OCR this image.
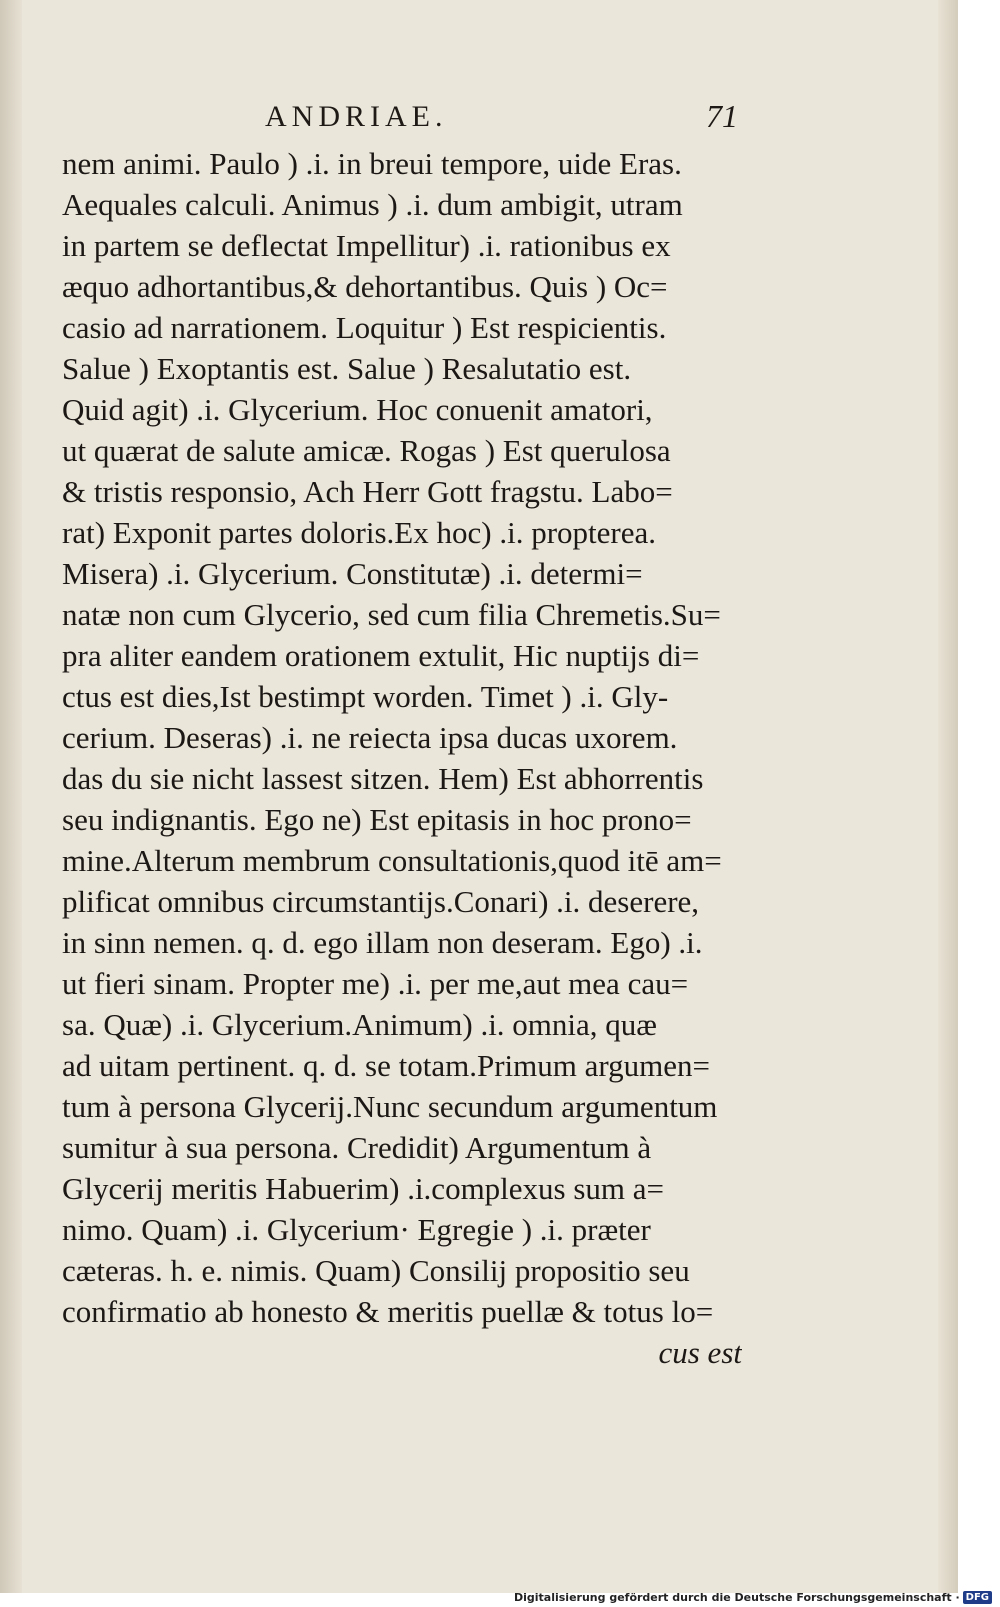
ANDRIAE.	71
nem animi. Paulo ) .i. in breui tempore, uide Eras.
Aequales calculi. Animus ) .i. dum ambigit, utram
in partem se deflectat Impellitur) .i. rationibus ex
æquo adhortantibus,& dehortantibus. Quis ) Oc=
casio ad narrationem. Loquitur ) Est respicientis.
Salue ) Exoptantis est. Salue ) Resalutatio est.
Quid agit) .i. Glycerium. Hoc conuenit amatori,
ut quærat de salute amicæ. Rogas ) Est querulosa
& tristis responsio, Ach Herr Gott fragstu. Labo=
rat) Exponit partes doloris.Ex hoc) .i. propterea.
Misera) .i. Glycerium. Constitutæ) .i. determi=
natæ non cum Glycerio, sed cum filia Chremetis.Su=
pra aliter eandem orationem extulit, Hic nuptijs di=
ctus est dies,Ist bestimpt worden. Timet ) .i. Gly-
cerium. Deseras) .i. ne reiecta ipsa ducas uxorem.
das du sie nicht lassest sitzen. Hem) Est abhorrentis
seu indignantis. Ego ne) Est epitasis in hoc prono=
mine.Alterum membrum consultationis,quod itē am=
plificat omnibus circumstantijs.Conari) .i. deserere,
in sinn nemen. q. d. ego illam non deseram. Ego) .i.
ut fieri sinam. Propter me) .i. per me,aut mea cau=
sa. Quæ) .i. Glycerium.Animum) .i. omnia, quæ
ad uitam pertinent. q. d. se totam.Primum argumen=
tum à persona Glycerij.Nunc secundum argumentum
sumitur à sua persona. Credidit) Argumentum à
Glycerij meritis Habuerim) .i.complexus sum a=
nimo. Quam) .i. Glycerium· Egregie ) .i. præter
cæteras. h. e. nimis. Quam) Consilij propositio seu
confirmatio ab honesto & meritis puellæ & totus lo=
cus est
Digitalisierung gefördert durch die Deutsche Forschungsgemeinschaft · DFG
